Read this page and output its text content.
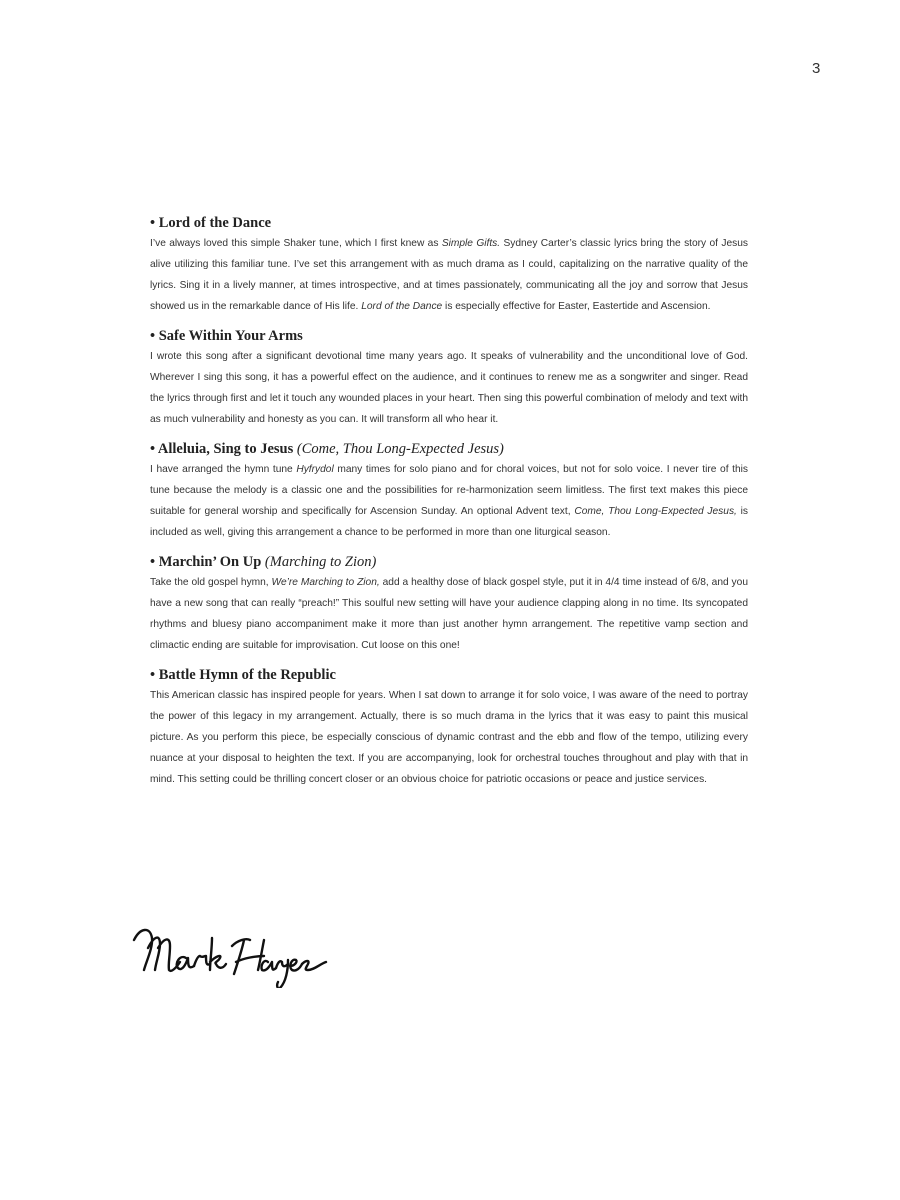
3
• Lord of the Dance

I’ve always loved this simple Shaker tune, which I first knew as Simple Gifts. Sydney Carter’s classic lyrics bring the story of Jesus alive utilizing this familiar tune. I’ve set this arrangement with as much drama as I could, capitalizing on the narrative quality of the lyrics. Sing it in a lively manner, at times introspective, and at times passionately, communicating all the joy and sorrow that Jesus showed us in the remarkable dance of His life. Lord of the Dance is especially effective for Easter, Eastertide and Ascension.

• Safe Within Your Arms

I wrote this song after a significant devotional time many years ago. It speaks of vulnerability and the unconditional love of God. Wherever I sing this song, it has a powerful effect on the audience, and it continues to renew me as a songwriter and singer. Read the lyrics through first and let it touch any wounded places in your heart. Then sing this powerful combination of melody and text with as much vulnerability and honesty as you can. It will transform all who hear it.

• Alleluia, Sing to Jesus (Come, Thou Long-Expected Jesus)

I have arranged the hymn tune Hyfrydol many times for solo piano and for choral voices, but not for solo voice. I never tire of this tune because the melody is a classic one and the possibilities for re-harmonization seem limitless. The first text makes this piece suitable for general worship and specifically for Ascension Sunday. An optional Advent text, Come, Thou Long-Expected Jesus, is included as well, giving this arrangement a chance to be performed in more than one liturgical season.

• Marchin’ On Up (Marching to Zion)

Take the old gospel hymn, We’re Marching to Zion, add a healthy dose of black gospel style, put it in 4/4 time instead of 6/8, and you have a new song that can really “preach!” This soulful new setting will have your audience clapping along in no time. Its syncopated rhythms and bluesy piano accompaniment make it more than just another hymn arrangement. The repetitive vamp section and climactic ending are suitable for improvisation. Cut loose on this one!

• Battle Hymn of the Republic

This American classic has inspired people for years. When I sat down to arrange it for solo voice, I was aware of the need to portray the power of this legacy in my arrangement. Actually, there is so much drama in the lyrics that it was easy to paint this musical picture. As you perform this piece, be especially conscious of dynamic contrast and the ebb and flow of the tempo, utilizing every nuance at your disposal to heighten the text. If you are accompanying, look for orchestral touches throughout and play with that in mind. This setting could be thrilling concert closer or an obvious choice for patriotic occasions or peace and justice services.
